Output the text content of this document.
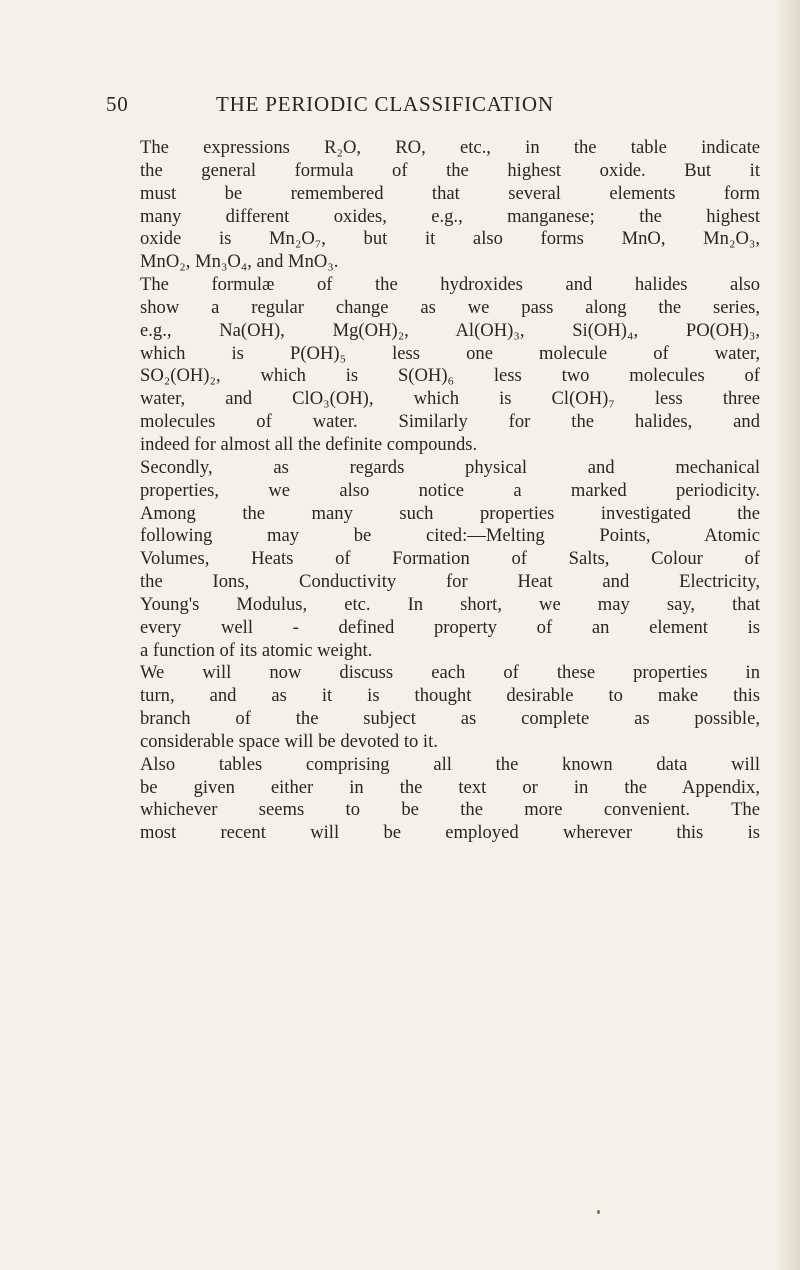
50	THE PERIODIC CLASSIFICATION
The expressions R₂O, RO, etc., in the table indicate
the general formula of the highest oxide. But it
must be remembered that several elements form
many different oxides, e.g., manganese; the highest
oxide is Mn₂O₇, but it also forms MnO, Mn₂O₃,
MnO₂, Mn₃O₄, and MnO₃.
The formulæ of the hydroxides and halides also
show a regular change as we pass along the series,
e.g., Na(OH), Mg(OH)₂, Al(OH)₃, Si(OH)₄, PO(OH)₃,
which is P(OH)₅ less one molecule of water,
SO₂(OH)₂, which is S(OH)₆ less two molecules of
water, and ClO₃(OH), which is Cl(OH)₇ less three
molecules of water. Similarly for the halides, and
indeed for almost all the definite compounds.
Secondly, as regards physical and mechanical
properties, we also notice a marked periodicity.
Among the many such properties investigated the
following may be cited:—Melting Points, Atomic
Volumes, Heats of Formation of Salts, Colour of
the Ions, Conductivity for Heat and Electricity,
Young's Modulus, etc. In short, we may say, that
every well - defined property of an element is
a function of its atomic weight.
We will now discuss each of these properties in
turn, and as it is thought desirable to make this
branch of the subject as complete as possible,
considerable space will be devoted to it.
Also tables comprising all the known data will
be given either in the text or in the Appendix,
whichever seems to be the more convenient. The
most recent will be employed wherever this is
